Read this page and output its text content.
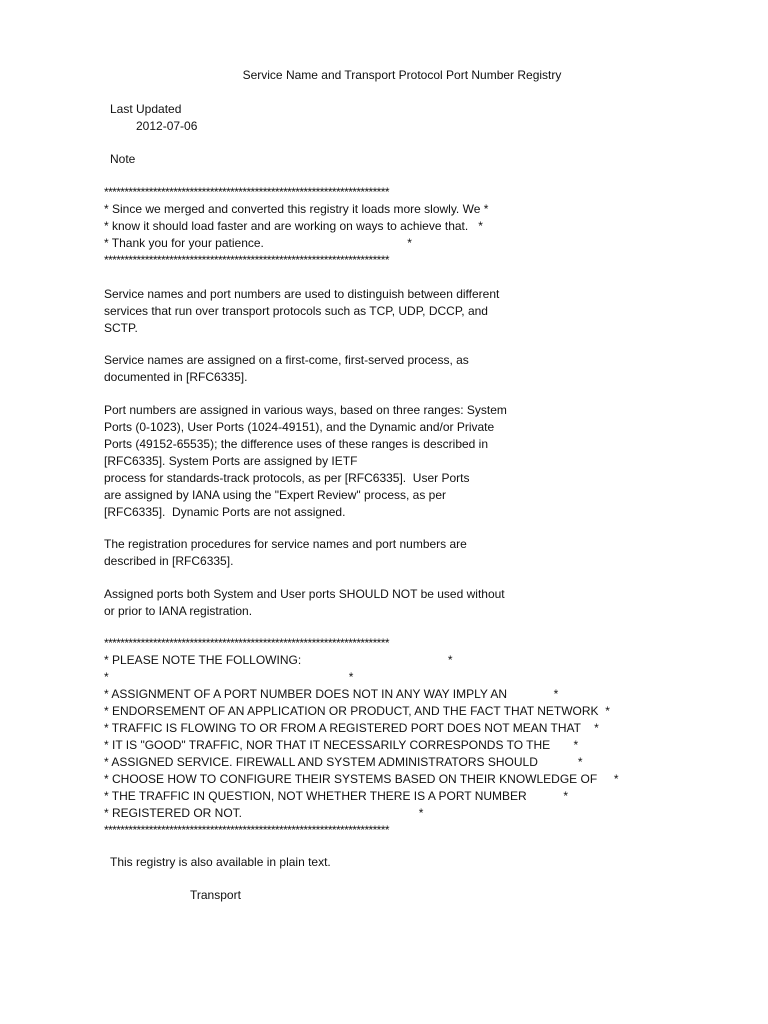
Service Name and Transport Protocol Port Number Registry
Last Updated
2012-07-06
Note
**********************************************************************
* Since we merged and converted this registry it loads more slowly. We *
* know it should load faster and are working on ways to achieve that.   *
* Thank you for your patience.                                           *
**********************************************************************
Service names and port numbers are used to distinguish between different
services that run over transport protocols such as TCP, UDP, DCCP, and
SCTP.
Service names are assigned on a first-come, first-served process, as
documented in [RFC6335].
Port numbers are assigned in various ways, based on three ranges: System
Ports (0-1023), User Ports (1024-49151), and the Dynamic and/or Private
Ports (49152-65535); the difference uses of these ranges is described in
[RFC6335]. System Ports are assigned by IETF
process for standards-track protocols, as per [RFC6335].  User Ports
are assigned by IANA using the "Expert Review" process, as per
[RFC6335].  Dynamic Ports are not assigned.
The registration procedures for service names and port numbers are
described in [RFC6335].
Assigned ports both System and User ports SHOULD NOT be used without
or prior to IANA registration.
**********************************************************************
* PLEASE NOTE THE FOLLOWING:                                            *
*                                                                        *
* ASSIGNMENT OF A PORT NUMBER DOES NOT IN ANY WAY IMPLY AN              *
* ENDORSEMENT OF AN APPLICATION OR PRODUCT, AND THE FACT THAT NETWORK  *
* TRAFFIC IS FLOWING TO OR FROM A REGISTERED PORT DOES NOT MEAN THAT    *
* IT IS "GOOD" TRAFFIC, NOR THAT IT NECESSARILY CORRESPONDS TO THE       *
* ASSIGNED SERVICE. FIREWALL AND SYSTEM ADMINISTRATORS SHOULD            *
* CHOOSE HOW TO CONFIGURE THEIR SYSTEMS BASED ON THEIR KNOWLEDGE OF     *
* THE TRAFFIC IN QUESTION, NOT WHETHER THERE IS A PORT NUMBER           *
* REGISTERED OR NOT.                                                     *
**********************************************************************
This registry is also available in plain text.
Transport
